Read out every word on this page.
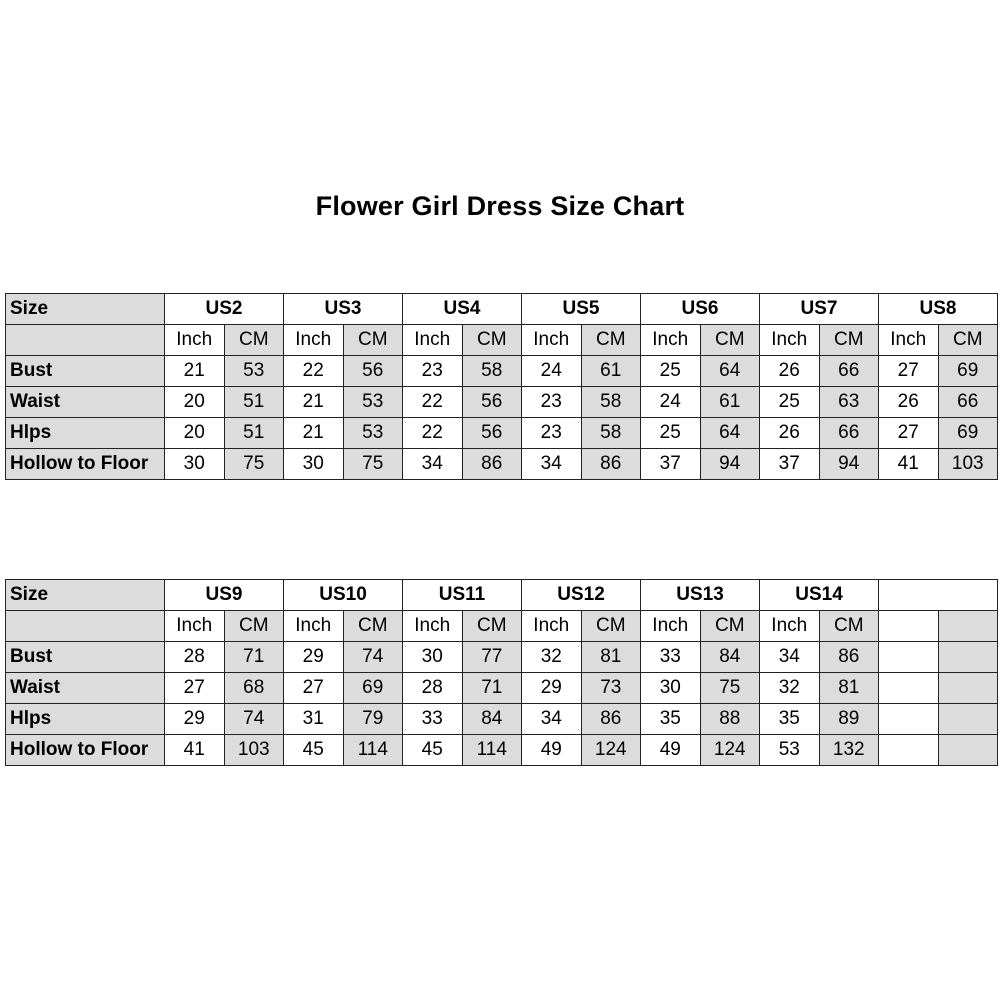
Flower Girl Dress Size Chart
Size	US2		US3		US4		US5		US6		US7		US8	
	Inch	CM	Inch	CM	Inch	CM	Inch	CM	Inch	CM	Inch	CM	Inch	CM
Bust	21	53	22	56	23	58	24	61	25	64	26	66	27	69
Waist	20	51	21	53	22	56	23	58	24	61	25	63	26	66
Hlps	20	51	21	53	22	56	23	58	25	64	26	66	27	69
Hollow to Floor	30	75	30	75	34	86	34	86	37	94	37	94	41	103
Size	US9		US10		US11		US12		US13		US14			
	Inch	CM	Inch	CM	Inch	CM	Inch	CM	Inch	CM	Inch	CM		
Bust	28	71	29	74	30	77	32	81	33	84	34	86		
Waist	27	68	27	69	28	71	29	73	30	75	32	81		
Hlps	29	74	31	79	33	84	34	86	35	88	35	89		
Hollow to Floor	41	103	45	114	45	114	49	124	49	124	53	132		
